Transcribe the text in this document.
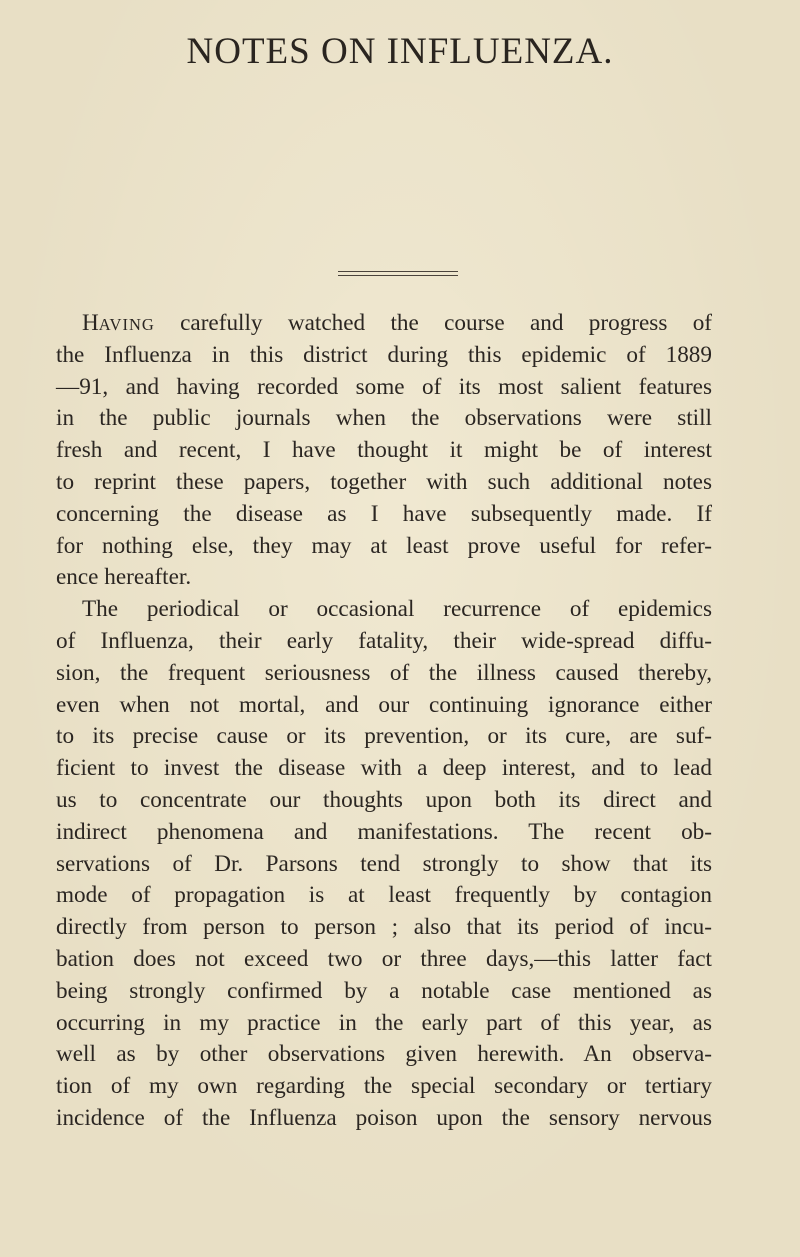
NOTES ON INFLUENZA.
HAVING carefully watched the course and progress of
the Influenza in this district during this epidemic of 1889
—91, and having recorded some of its most salient features
in the public journals when the observations were still
fresh and recent, I have thought it might be of interest
to reprint these papers, together with such additional notes
concerning the disease as I have subsequently made. If
for nothing else, they may at least prove useful for refer-
ence hereafter.
The periodical or occasional recurrence of epidemics
of Influenza, their early fatality, their wide-spread diffu-
sion, the frequent seriousness of the illness caused thereby,
even when not mortal, and our continuing ignorance either
to its precise cause or its prevention, or its cure, are suf-
ficient to invest the disease with a deep interest, and to lead
us to concentrate our thoughts upon both its direct and
indirect phenomena and manifestations. The recent ob-
servations of Dr. Parsons tend strongly to show that its
mode of propagation is at least frequently by contagion
directly from person to person ; also that its period of incu-
bation does not exceed two or three days,—this latter fact
being strongly confirmed by a notable case mentioned as
occurring in my practice in the early part of this year, as
well as by other observations given herewith. An observa-
tion of my own regarding the special secondary or tertiary
incidence of the Influenza poison upon the sensory nervous
